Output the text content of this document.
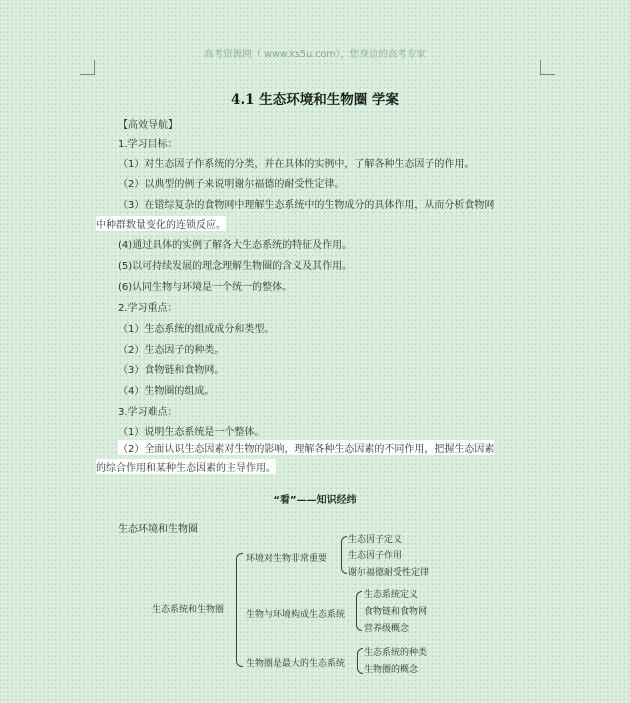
高考资源网（ www.ks5u.com），您身边的高考专家
4.1 生态环境和生物圈 学案
【高效导航】
1.学习目标：
（1）对生态因子作系统的分类，并在具体的实例中，了解各种生态因子的作用。
（2）以典型的例子来说明谢尔福德的耐受性定律。
（3）在错综复杂的食物网中理解生态系统中的生物成分的具体作用，从而分析食物网
中种群数量变化的连锁反应。
(4)通过具体的实例了解各大生态系统的特征及作用。
(5)以可持续发展的理念理解生物圈的含义及其作用。
(6)认同生物与环境是一个统一的整体。
2.学习重点：
（1）生态系统的组成成分和类型。
（2）生态因子的种类。
（3）食物链和食物网。
（4）生物圈的组成。
3.学习难点：
（1）说明生态系统是一个整体。
（2）全面认识生态因素对生物的影响，理解各种生态因素的不同作用，把握生态因素
的综合作用和某种生态因素的主导作用。
“看”——知识经纬
生态环境和生物圈
生态系统和生物圈
环境对生物非常重要
生态因子定义
生态因子作用
谢尔福德耐受性定律
生物与环境构成生态系统
生态系统定义
食物链和食物网
营养级概念
生物圈是最大的生态系统
生态系统的种类
生物圈的概念
